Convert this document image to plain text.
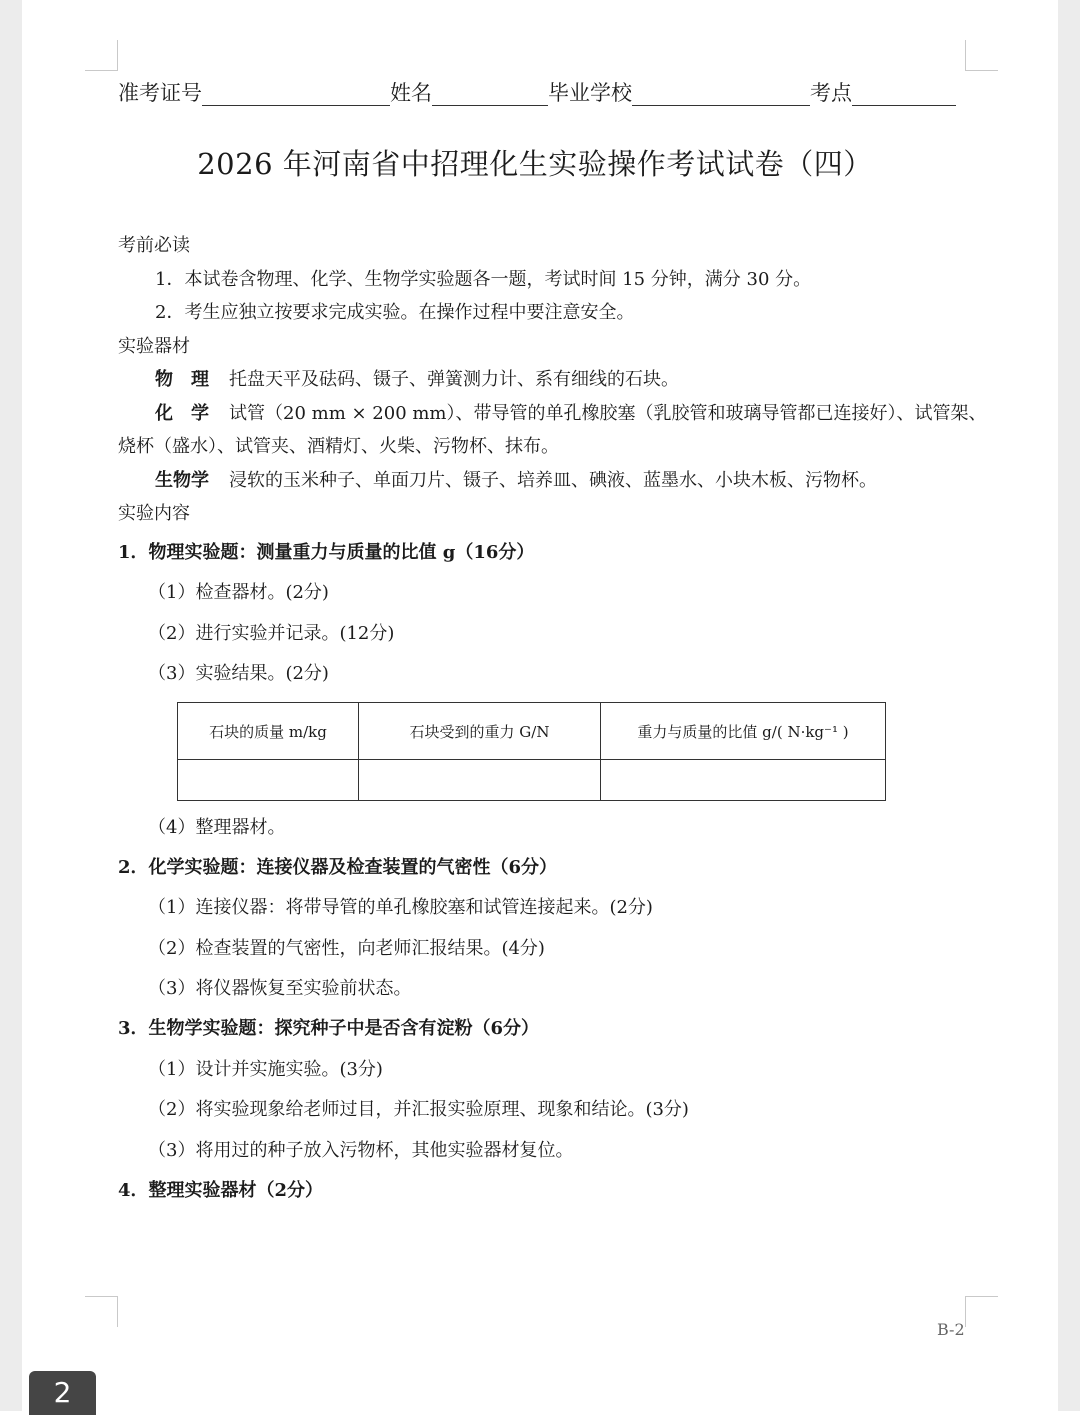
准考证号	姓名	毕业学校	考点
2026 年河南省中招理化生实验操作考试试卷（四）
考前必读
1．本试卷含物理、化学、生物学实验题各一题，考试时间 15 分钟，满分 30 分。
2．考生应独立按要求完成实验。在操作过程中要注意安全。
实验器材
物理 托盘天平及砝码、镊子、弹簧测力计、系有细线的石块。
化学 试管（20 mm × 200 mm）、带导管的单孔橡胶塞（乳胶管和玻璃导管都已连接好）、试管架、
烧杯（盛水）、试管夹、酒精灯、火柴、污物杯、抹布。
生物学 浸软的玉米种子、单面刀片、镊子、培养皿、碘液、蓝墨水、小块木板、污物杯。
实验内容
1．物理实验题：测量重力与质量的比值 g（16分）
（1）检查器材。(2分)
（2）进行实验并记录。(12分)
（3）实验结果。(2分)
石块的质量 m/kg	石块受到的重力 G/N	重力与质量的比值 g/( N·kg⁻¹ )

（4）整理器材。
2．化学实验题：连接仪器及检查装置的气密性（6分）
（1）连接仪器：将带导管的单孔橡胶塞和试管连接起来。(2分)
（2）检查装置的气密性，向老师汇报结果。(4分)
（3）将仪器恢复至实验前状态。
3．生物学实验题：探究种子中是否含有淀粉（6分）
（1）设计并实施实验。(3分)
（2）将实验现象给老师过目，并汇报实验原理、现象和结论。(3分)
（3）将用过的种子放入污物杯，其他实验器材复位。
4．整理实验器材（2分）
B-2
2
